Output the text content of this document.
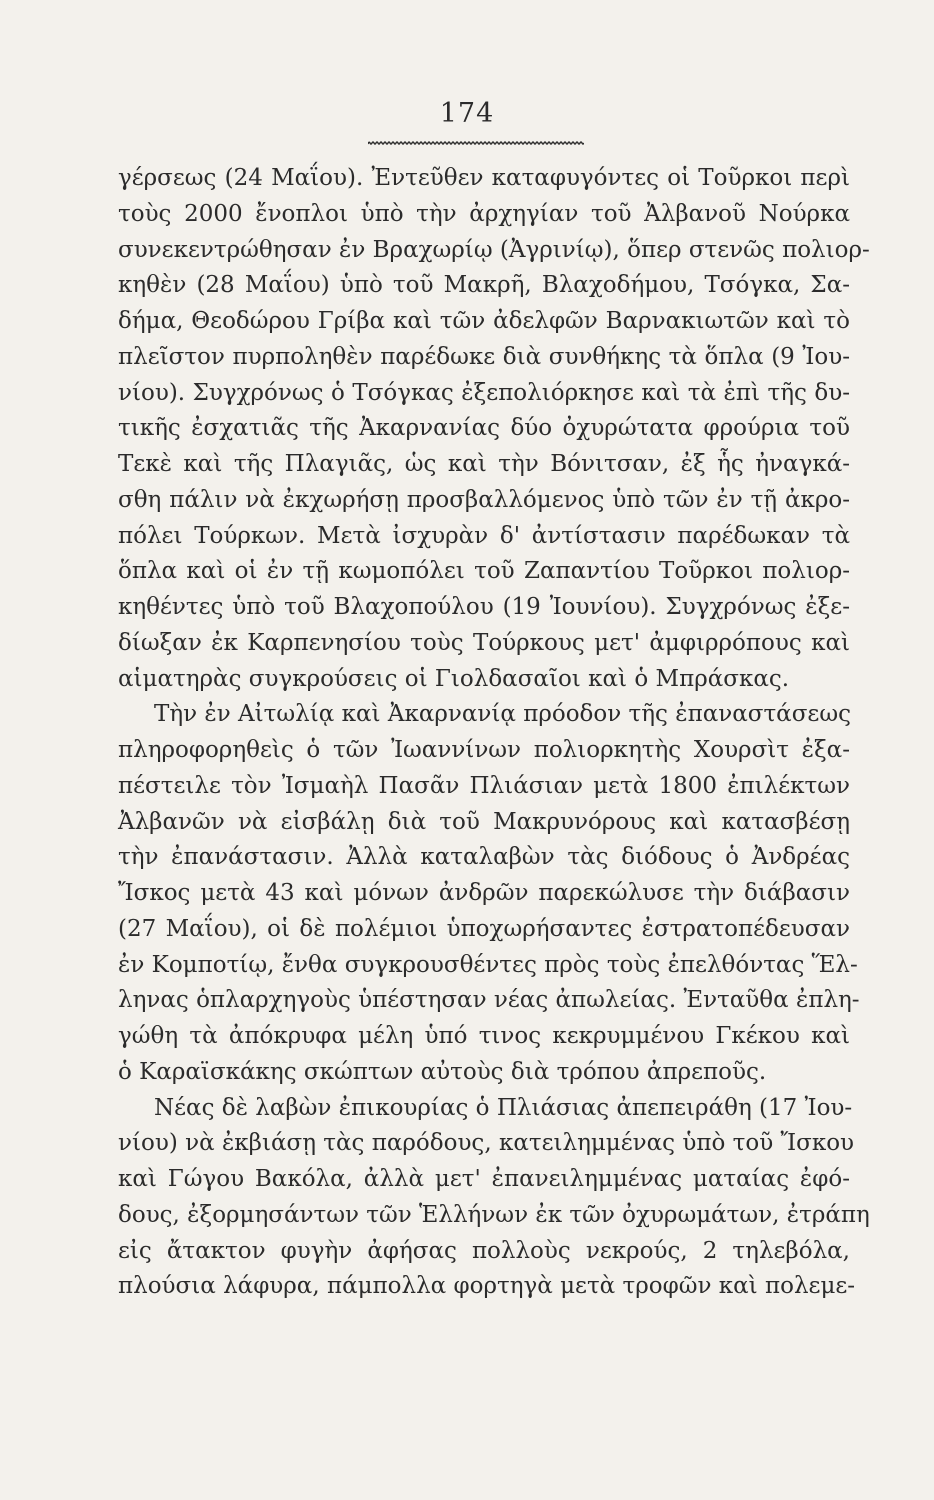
174
γέρσεως (24 Μαΐου). Ἐντεῦθεν καταφυγόντες οἱ Τοῦρκοι περὶ
τοὺς 2000 ἔνοπλοι ὑπὸ τὴν ἀρχηγίαν τοῦ Ἀλβανοῦ Νούρκα
συνεκεντρώθησαν ἐν Βραχωρίῳ (Ἀγρινίῳ), ὅπερ στενῶς πολιορ-
κηθὲν (28 Μαΐου) ὑπὸ τοῦ Μακρῆ, Βλαχοδήμου, Τσόγκα, Σα-
δήμα, Θεοδώρου Γρίβα καὶ τῶν ἀδελφῶν Βαρνακιωτῶν καὶ τὸ
πλεῖστον πυρποληθὲν παρέδωκε διὰ συνθήκης τὰ ὅπλα (9 Ἰου-
νίου). Συγχρόνως ὁ Τσόγκας ἐξεπολιόρκησε καὶ τὰ ἐπὶ τῆς δυ-
τικῆς ἐσχατιᾶς τῆς Ἀκαρνανίας δύο ὀχυρώτατα φρούρια τοῦ
Τεκὲ καὶ τῆς Πλαγιᾶς, ὡς καὶ τὴν Βόνιτσαν, ἐξ ἧς ἠναγκά-
σθη πάλιν νὰ ἐκχωρήσῃ προσβαλλόμενος ὑπὸ τῶν ἐν τῇ ἀκρο-
πόλει Τούρκων. Μετὰ ἰσχυρὰν δ' ἀντίστασιν παρέδωκαν τὰ
ὅπλα καὶ οἱ ἐν τῇ κωμοπόλει τοῦ Ζαπαντίου Τοῦρκοι πολιορ-
κηθέντες ὑπὸ τοῦ Βλαχοπούλου (19 Ἰουνίου). Συγχρόνως ἐξε-
δίωξαν ἐκ Καρπενησίου τοὺς Τούρκους μετ' ἀμφιρρόπους καὶ
αἱματηρὰς συγκρούσεις οἱ Γιολδασαῖοι καὶ ὁ Μπράσκας.
Τὴν ἐν Αἰτωλίᾳ καὶ Ἀκαρνανίᾳ πρόοδον τῆς ἐπαναστάσεως
πληροφορηθεὶς ὁ τῶν Ἰωαννίνων πολιορκητὴς Χουρσὶτ ἐξα-
πέστειλε τὸν Ἰσμαὴλ Πασᾶν Πλιάσιαν μετὰ 1800 ἐπιλέκτων
Ἀλβανῶν νὰ εἰσβάλῃ διὰ τοῦ Μακρυνόρους καὶ κατασβέσῃ
τὴν ἐπανάστασιν. Ἀλλὰ καταλαβὼν τὰς διόδους ὁ Ἀνδρέας
Ἴσκος μετὰ 43 καὶ μόνων ἀνδρῶν παρεκώλυσε τὴν διάβασιν
(27 Μαΐου), οἱ δὲ πολέμιοι ὑποχωρήσαντες ἐστρατοπέδευσαν
ἐν Κομποτίῳ, ἔνθα συγκρουσθέντες πρὸς τοὺς ἐπελθόντας Ἕλ-
ληνας ὁπλαρχηγοὺς ὑπέστησαν νέας ἀπωλείας. Ἐνταῦθα ἐπλη-
γώθη τὰ ἀπόκρυφα μέλη ὑπό τινος κεκρυμμένου Γκέκου καὶ
ὁ Καραϊσκάκης σκώπτων αὐτοὺς διὰ τρόπου ἀπρεποῦς.
Νέας δὲ λαβὼν ἐπικουρίας ὁ Πλιάσιας ἀπεπειράθη (17 Ἰου-
νίου) νὰ ἐκβιάσῃ τὰς παρόδους, κατειλημμένας ὑπὸ τοῦ Ἴσκου
καὶ Γώγου Βακόλα, ἀλλὰ μετ' ἐπανειλημμένας ματαίας ἐφό-
δους, ἐξορμησάντων τῶν Ἑλλήνων ἐκ τῶν ὀχυρωμάτων, ἐτράπη
εἰς ἄτακτον φυγὴν ἀφήσας πολλοὺς νεκρούς, 2 τηλεβόλα,
πλούσια λάφυρα, πάμπολλα φορτηγὰ μετὰ τροφῶν καὶ πολεμε-
